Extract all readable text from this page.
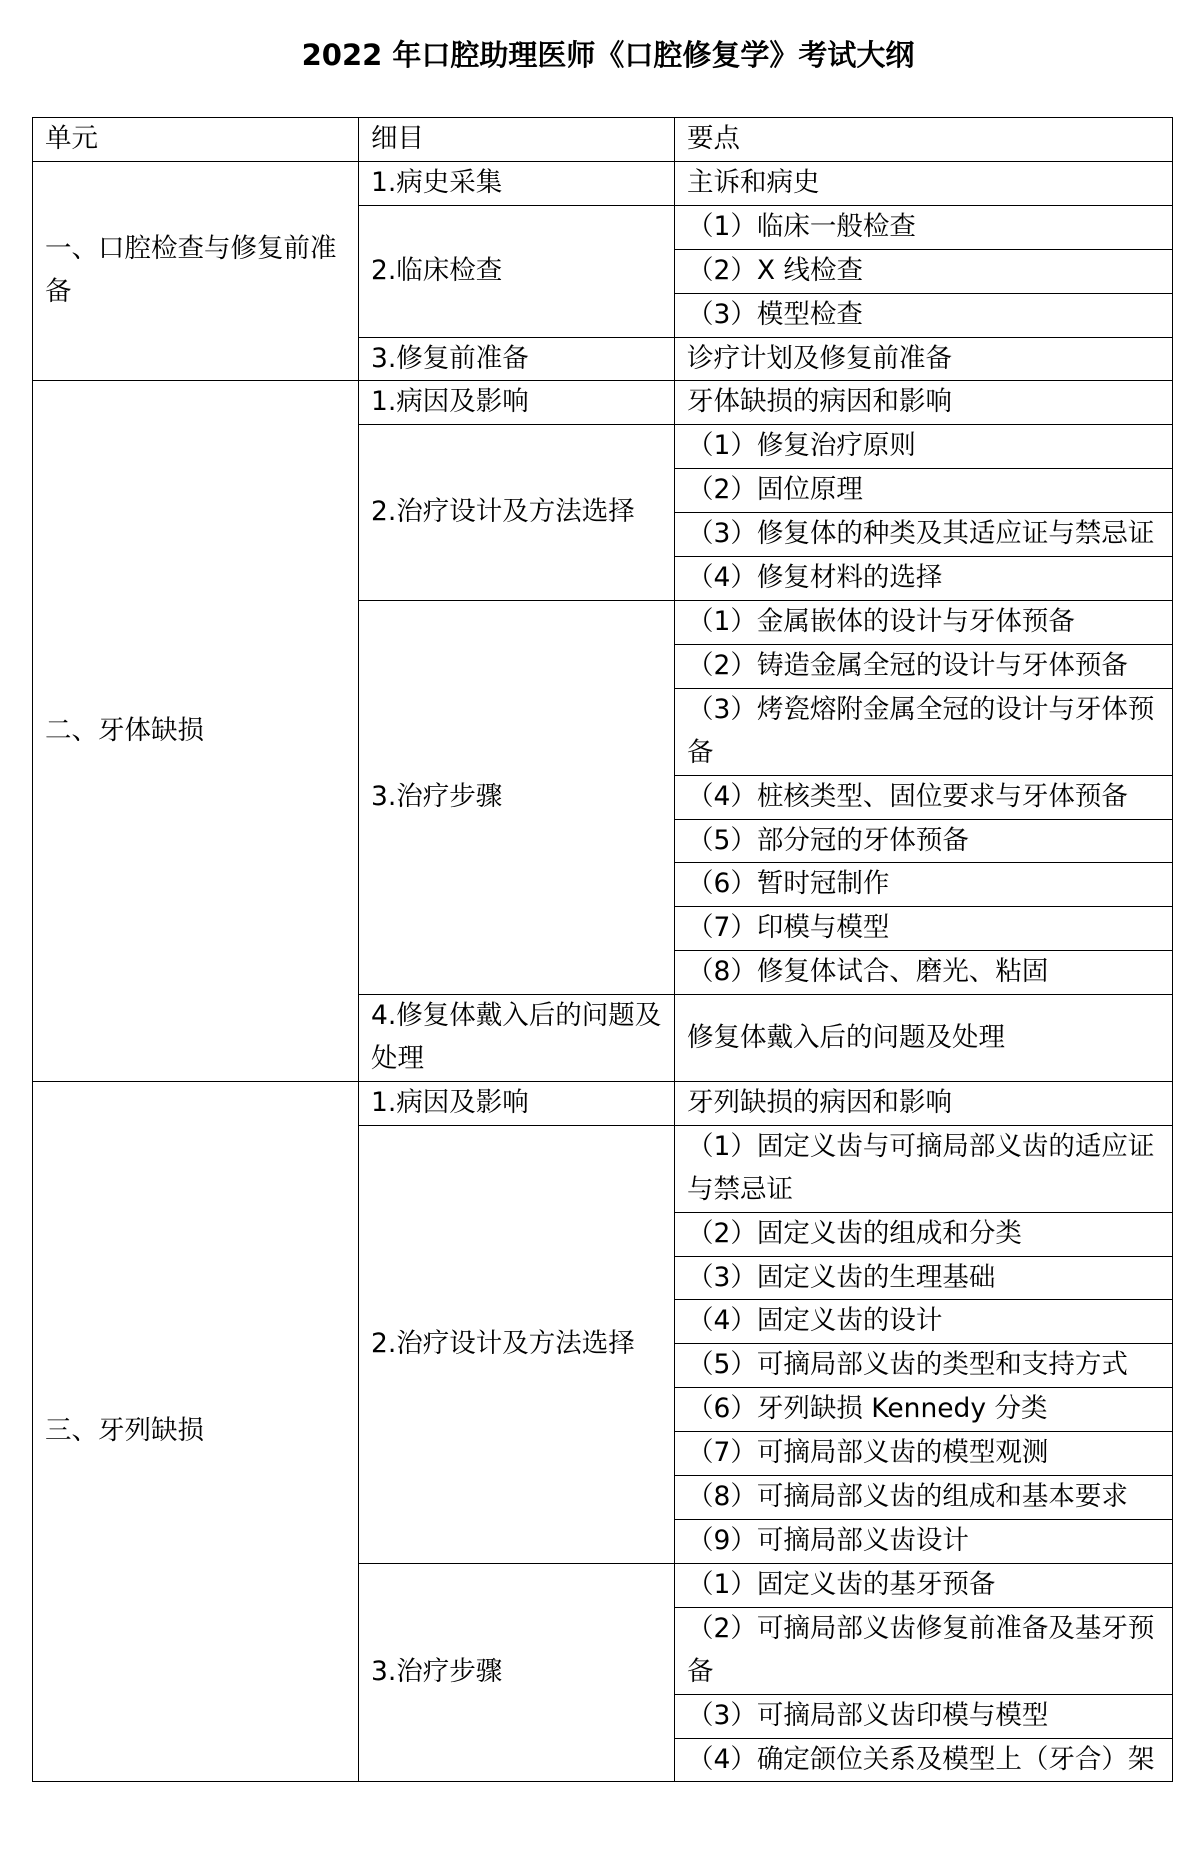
2022 年口腔助理医师《口腔修复学》考试大纲
单元	细目	要点
一、口腔检查与修复前准备	1.病史采集	主诉和病史
	2.临床检查	（1）临床一般检查
		（2）X 线检查
		（3）模型检查
	3.修复前准备	诊疗计划及修复前准备
二、牙体缺损	1.病因及影响	牙体缺损的病因和影响
	2.治疗设计及方法选择	（1）修复治疗原则
		（2）固位原理
		（3）修复体的种类及其适应证与禁忌证
		（4）修复材料的选择
	3.治疗步骤	（1）金属嵌体的设计与牙体预备
		（2）铸造金属全冠的设计与牙体预备
		（3）烤瓷熔附金属全冠的设计与牙体预备
		（4）桩核类型、固位要求与牙体预备
		（5）部分冠的牙体预备
		（6）暂时冠制作
		（7）印模与模型
		（8）修复体试合、磨光、粘固
	4.修复体戴入后的问题及处理	修复体戴入后的问题及处理
三、牙列缺损	1.病因及影响	牙列缺损的病因和影响
	2.治疗设计及方法选择	（1）固定义齿与可摘局部义齿的适应证与禁忌证
		（2）固定义齿的组成和分类
		（3）固定义齿的生理基础
		（4）固定义齿的设计
		（5）可摘局部义齿的类型和支持方式
		（6）牙列缺损 Kennedy 分类
		（7）可摘局部义齿的模型观测
		（8）可摘局部义齿的组成和基本要求
		（9）可摘局部义齿设计
	3.治疗步骤	（1）固定义齿的基牙预备
		（2）可摘局部义齿修复前准备及基牙预备
		（3）可摘局部义齿印模与模型
		（4）确定颌位关系及模型上（牙合）架
